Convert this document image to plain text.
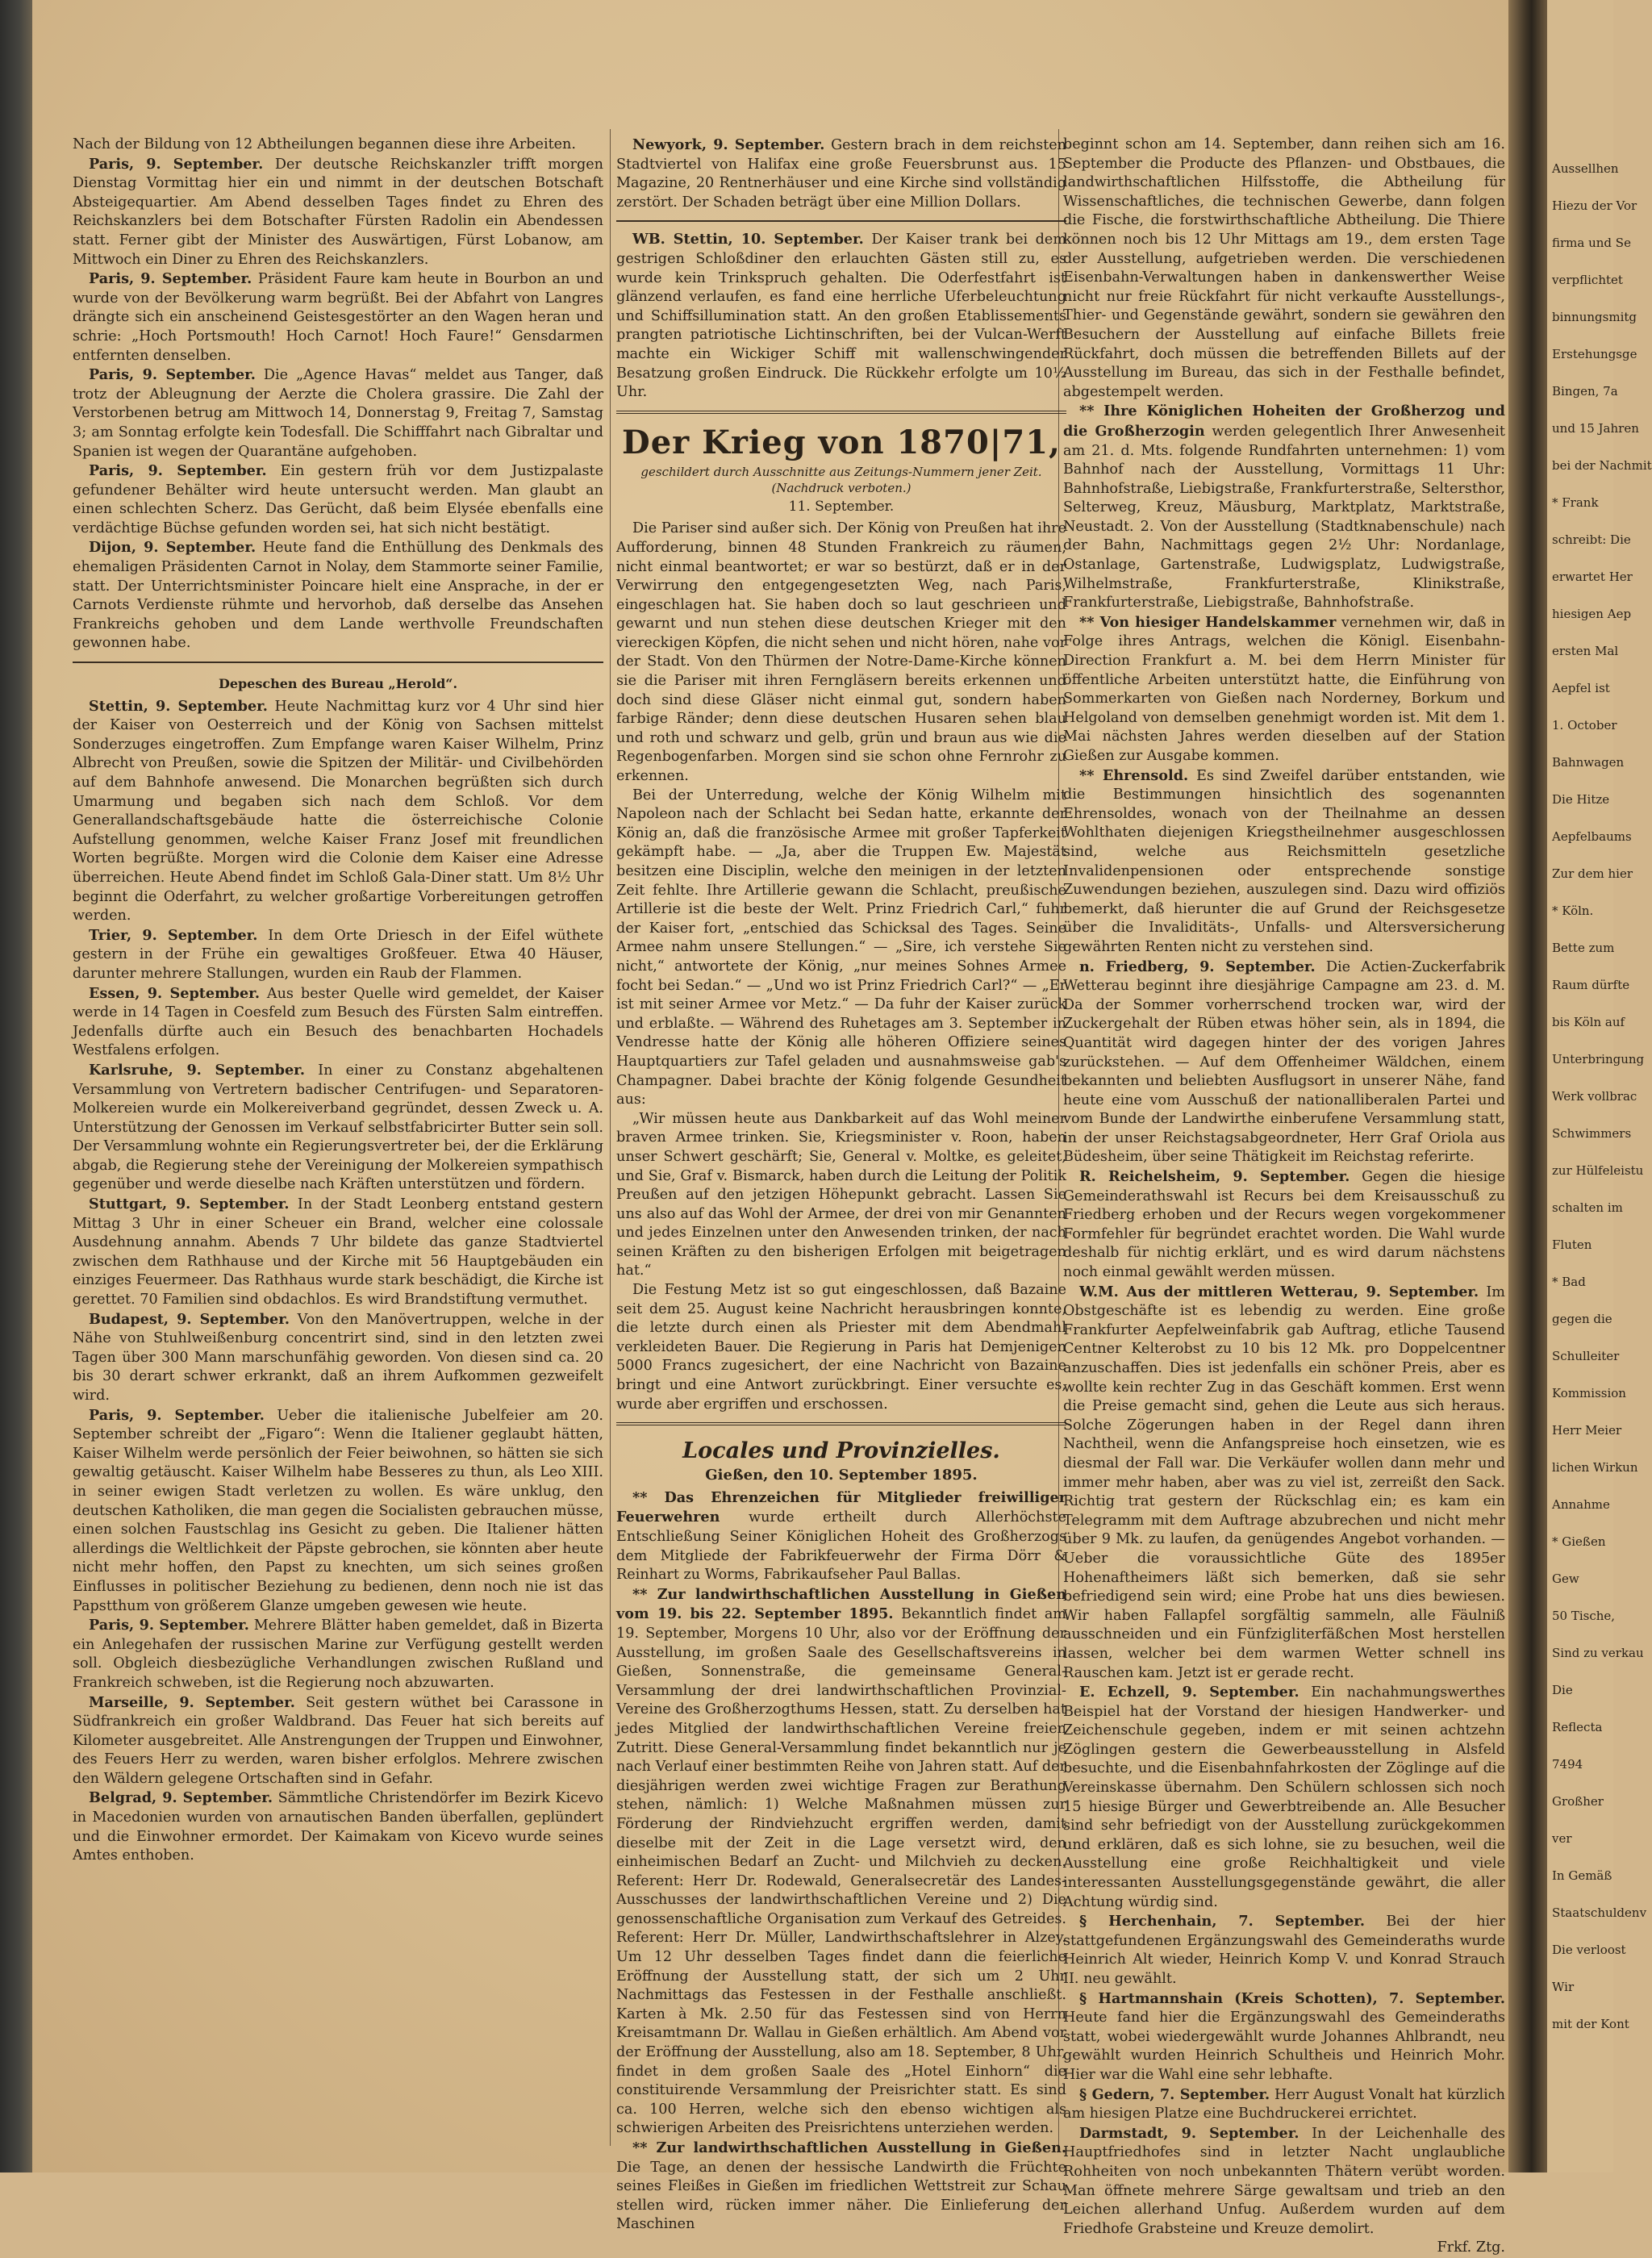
Nach der Bildung von 12 Abtheilungen begannen diese ihre Arbeiten.

Paris, 9. September. Der deutsche Reichskanzler trifft morgen Dienstag Vormittag hier ein und nimmt in der deutschen Botschaft Absteigequartier. Am Abend desselben Tages findet zu Ehren des Reichskanzlers bei dem Botschafter Fürsten Radolin ein Abendessen statt. Ferner gibt der Minister des Auswärtigen, Fürst Lobanow, am Mittwoch ein Diner zu Ehren des Reichskanzlers.

Paris, 9. September. Präsident Faure kam heute in Bourbon an und wurde von der Bevölkerung warm begrüßt. Bei der Abfahrt von Langres drängte sich ein anscheinend Geistesgestörter an den Wagen heran und schrie: „Hoch Portsmouth! Hoch Carnot! Hoch Faure!“ Gensdarmen entfernten denselben.

Paris, 9. September. Die „Agence Havas“ meldet aus Tanger, daß trotz der Ableugnung der Aerzte die Cholera grassire. Die Zahl der Verstorbenen betrug am Mittwoch 14, Donnerstag 9, Freitag 7, Samstag 3; am Sonntag erfolgte kein Todesfall. Die Schifffahrt nach Gibraltar und Spanien ist wegen der Quarantäne aufgehoben.

Paris, 9. September. Ein gestern früh vor dem Justizpalaste gefundener Behälter wird heute untersucht werden. Man glaubt an einen schlechten Scherz. Das Gerücht, daß beim Elysée ebenfalls eine verdächtige Büchse gefunden worden sei, hat sich nicht bestätigt.

Dijon, 9. September. Heute fand die Enthüllung des Denkmals des ehemaligen Präsidenten Carnot in Nolay, dem Stammorte seiner Familie, statt. Der Unterrichtsminister Poincare hielt eine Ansprache, in der er Carnots Verdienste rühmte und hervorhob, daß derselbe das Ansehen Frankreichs gehoben und dem Lande werthvolle Freundschaften gewonnen habe.

Depeschen des Bureau „Herold“.

Stettin, 9. September. Heute Nachmittag kurz vor 4 Uhr sind hier der Kaiser von Oesterreich und der König von Sachsen mittelst Sonderzuges eingetroffen. Zum Empfange waren Kaiser Wilhelm, Prinz Albrecht von Preußen, sowie die Spitzen der Militär- und Civilbehörden auf dem Bahnhofe anwesend. Die Monarchen begrüßten sich durch Umarmung und begaben sich nach dem Schloß. Vor dem Generallandschaftsgebäude hatte die österreichische Colonie Aufstellung genommen, welche Kaiser Franz Josef mit freundlichen Worten begrüßte. Morgen wird die Colonie dem Kaiser eine Adresse überreichen. Heute Abend findet im Schloß Gala-Diner statt. Um 8½ Uhr beginnt die Oderfahrt, zu welcher großartige Vorbereitungen getroffen werden.

Trier, 9. September. In dem Orte Driesch in der Eifel wüthete gestern in der Frühe ein gewaltiges Großfeuer. Etwa 40 Häuser, darunter mehrere Stallungen, wurden ein Raub der Flammen.

Essen, 9. September. Aus bester Quelle wird gemeldet, der Kaiser werde in 14 Tagen in Coesfeld zum Besuch des Fürsten Salm eintreffen. Jedenfalls dürfte auch ein Besuch des benachbarten Hochadels Westfalens erfolgen.

Karlsruhe, 9. September. In einer zu Constanz abgehaltenen Versammlung von Vertretern badischer Centrifugen- und Separatoren-Molkereien wurde ein Molkereiverband gegründet, dessen Zweck u. A. Unterstützung der Genossen im Verkauf selbstfabricirter Butter sein soll. Der Versammlung wohnte ein Regierungsvertreter bei, der die Erklärung abgab, die Regierung stehe der Vereinigung der Molkereien sympathisch gegenüber und werde dieselbe nach Kräften unterstützen und fördern.

Stuttgart, 9. September. In der Stadt Leonberg entstand gestern Mittag 3 Uhr in einer Scheuer ein Brand, welcher eine colossale Ausdehnung annahm. Abends 7 Uhr bildete das ganze Stadtviertel zwischen dem Rathhause und der Kirche mit 56 Hauptgebäuden ein einziges Feuermeer. Das Rathhaus wurde stark beschädigt, die Kirche ist gerettet. 70 Familien sind obdachlos. Es wird Brandstiftung vermuthet.

Budapest, 9. September. Von den Manövertruppen, welche in der Nähe von Stuhlweißenburg concentrirt sind, sind in den letzten zwei Tagen über 300 Mann marschunfähig geworden. Von diesen sind ca. 20 bis 30 derart schwer erkrankt, daß an ihrem Aufkommen gezweifelt wird.

Paris, 9. September. Ueber die italienische Jubelfeier am 20. September schreibt der „Figaro“: Wenn die Italiener geglaubt hätten, Kaiser Wilhelm werde persönlich der Feier beiwohnen, so hätten sie sich gewaltig getäuscht. Kaiser Wilhelm habe Besseres zu thun, als Leo XIII. in seiner ewigen Stadt verletzen zu wollen. Es wäre unklug, den deutschen Katholiken, die man gegen die Socialisten gebrauchen müsse, einen solchen Faustschlag ins Gesicht zu geben. Die Italiener hätten allerdings die Weltlichkeit der Päpste gebrochen, sie könnten aber heute nicht mehr hoffen, den Papst zu knechten, um sich seines großen Einflusses in politischer Beziehung zu bedienen, denn noch nie ist das Papstthum von größerem Glanze umgeben gewesen wie heute.

Paris, 9. September. Mehrere Blätter haben gemeldet, daß in Bizerta ein Anlegehafen der russischen Marine zur Verfügung gestellt werden soll. Obgleich diesbezügliche Verhandlungen zwischen Rußland und Frankreich schweben, ist die Regierung noch abzuwarten.

Marseille, 9. September. Seit gestern wüthet bei Carassone in Südfrankreich ein großer Waldbrand. Das Feuer hat sich bereits auf Kilometer ausgebreitet. Alle Anstrengungen der Truppen und Einwohner, des Feuers Herr zu werden, waren bisher erfolglos. Mehrere zwischen den Wäldern gelegene Ortschaften sind in Gefahr.

Belgrad, 9. September. Sämmtliche Christendörfer im Bezirk Kicevo in Macedonien wurden von arnautischen Banden überfallen, geplündert und die Einwohner ermordet. Der Kaimakam von Kicevo wurde seines Amtes enthoben.

Newyork, 9. September. Gestern brach in dem reichsten Stadtviertel von Halifax eine große Feuersbrunst aus. 15 Magazine, 20 Rentnerhäuser und eine Kirche sind vollständig zerstört. Der Schaden beträgt über eine Million Dollars.

WB. Stettin, 10. September. Der Kaiser trank bei dem gestrigen Schloßdiner den erlauchten Gästen still zu, es wurde kein Trinkspruch gehalten. Die Oderfestfahrt ist glänzend verlaufen, es fand eine herrliche Uferbeleuchtung und Schiffsillumination statt. An den großen Etablissements prangten patriotische Lichtinschriften, bei der Vulcan-Werft machte ein Wickiger Schiff mit wallenschwingender Besatzung großen Eindruck. Die Rückkehr erfolgte um 10½ Uhr.

Der Krieg von 1870|71,
geschildert durch Ausschnitte aus Zeitungs-Nummern jener Zeit. (Nachdruck verboten.)
11. September.

Die Pariser sind außer sich. Der König von Preußen hat ihre Aufforderung, binnen 48 Stunden Frankreich zu räumen, nicht einmal beantwortet; er war so bestürzt, daß er in der Verwirrung den entgegengesetzten Weg, nach Paris, eingeschlagen hat. Sie haben doch so laut geschrieen und gewarnt und nun stehen diese deutschen Krieger mit den viereckigen Köpfen, die nicht sehen und nicht hören, nahe vor der Stadt. Von den Thürmen der Notre-Dame-Kirche können sie die Pariser mit ihren Ferngläsern bereits erkennen und doch sind diese Gläser nicht einmal gut, sondern haben farbige Ränder; denn diese deutschen Husaren sehen blau und roth und schwarz und gelb, grün und braun aus wie die Regenbogenfarben. Morgen sind sie schon ohne Fernrohr zu erkennen.

Bei der Unterredung, welche der König Wilhelm mit Napoleon nach der Schlacht bei Sedan hatte, erkannte der König an, daß die französische Armee mit großer Tapferkeit gekämpft habe. — „Ja, aber die Truppen Ew. Majestät besitzen eine Disciplin, welche den meinigen in der letzten Zeit fehlte. Ihre Artillerie gewann die Schlacht, preußische Artillerie ist die beste der Welt. Prinz Friedrich Carl,“ fuhr der Kaiser fort, „entschied das Schicksal des Tages. Seine Armee nahm unsere Stellungen.“ — „Sire, ich verstehe Sie nicht,“ antwortete der König, „nur meines Sohnes Armee focht bei Sedan.“ — „Und wo ist Prinz Friedrich Carl?“ — „Er ist mit seiner Armee vor Metz.“ — Da fuhr der Kaiser zurück und erblaßte. — Während des Ruhetages am 3. September in Vendresse hatte der König alle höheren Offiziere seines Hauptquartiers zur Tafel geladen und ausnahmsweise gab's Champagner. Dabei brachte der König folgende Gesundheit aus:

„Wir müssen heute aus Dankbarkeit auf das Wohl meiner braven Armee trinken. Sie, Kriegsminister v. Roon, haben unser Schwert geschärft; Sie, General v. Moltke, es geleitet, und Sie, Graf v. Bismarck, haben durch die Leitung der Politik Preußen auf den jetzigen Höhepunkt gebracht. Lassen Sie uns also auf das Wohl der Armee, der drei von mir Genannten und jedes Einzelnen unter den Anwesenden trinken, der nach seinen Kräften zu den bisherigen Erfolgen mit beigetragen hat.“

Die Festung Metz ist so gut eingeschlossen, daß Bazaine seit dem 25. August keine Nachricht herausbringen konnte, die letzte durch einen als Priester mit dem Abendmahl verkleideten Bauer. Die Regierung in Paris hat Demjenigen 5000 Francs zugesichert, der eine Nachricht von Bazaine bringt und eine Antwort zurückbringt. Einer versuchte es, wurde aber ergriffen und erschossen.

Locales und Provinzielles.
Gießen, den 10. September 1895.

** Das Ehrenzeichen für Mitglieder freiwilliger Feuerwehren wurde ertheilt durch Allerhöchste Entschließung Seiner Königlichen Hoheit des Großherzogs dem Mitgliede der Fabrikfeuerwehr der Firma Dörr & Reinhart zu Worms, Fabrikaufseher Paul Ballas.

** Zur landwirthschaftlichen Ausstellung in Gießen vom 19. bis 22. September 1895. Bekanntlich findet am 19. September, Morgens 10 Uhr, also vor der Eröffnung der Ausstellung, im großen Saale des Gesellschaftsvereins in Gießen, Sonnenstraße, die gemeinsame General-Versammlung der drei landwirthschaftlichen Provinzial-Vereine des Großherzogthums Hessen, statt. Zu derselben hat jedes Mitglied der landwirthschaftlichen Vereine freien Zutritt. Diese General-Versammlung findet bekanntlich nur je nach Verlauf einer bestimmten Reihe von Jahren statt. Auf der diesjährigen werden zwei wichtige Fragen zur Berathung stehen, nämlich: 1) Welche Maßnahmen müssen zur Förderung der Rindviehzucht ergriffen werden, damit dieselbe mit der Zeit in die Lage versetzt wird, den einheimischen Bedarf an Zucht- und Milchvieh zu decken. Referent: Herr Dr. Rodewald, Generalsecretär des Landes-Ausschusses der landwirthschaftlichen Vereine und 2) Die genossenschaftliche Organisation zum Verkauf des Getreides. Referent: Herr Dr. Müller, Landwirthschaftslehrer in Alzey. Um 12 Uhr desselben Tages findet dann die feierliche Eröffnung der Ausstellung statt, der sich um 2 Uhr Nachmittags das Festessen in der Festhalle anschließt. Karten à Mk. 2.50 für das Festessen sind von Herrn Kreisamtmann Dr. Wallau in Gießen erhältlich. Am Abend vor der Eröffnung der Ausstellung, also am 18. September, 8 Uhr, findet in dem großen Saale des „Hotel Einhorn“ die constituirende Versammlung der Preisrichter statt. Es sind ca. 100 Herren, welche sich den ebenso wichtigen als schwierigen Arbeiten des Preisrichtens unterziehen werden.

** Zur landwirthschaftlichen Ausstellung in Gießen. Die Tage, an denen der hessische Landwirth die Früchte seines Fleißes in Gießen im friedlichen Wettstreit zur Schau stellen wird, rücken immer näher. Die Einlieferung der Maschinen

beginnt schon am 14. September, dann reihen sich am 16. September die Producte des Pflanzen- und Obstbaues, die landwirthschaftlichen Hilfsstoffe, die Abtheilung für Wissenschaftliches, die technischen Gewerbe, dann folgen die Fische, die forstwirthschaftliche Abtheilung. Die Thiere können noch bis 12 Uhr Mittags am 19., dem ersten Tage der Ausstellung, aufgetrieben werden. Die verschiedenen Eisenbahn-Verwaltungen haben in dankenswerther Weise nicht nur freie Rückfahrt für nicht verkaufte Ausstellungs-, Thier- und Gegenstände gewährt, sondern sie gewähren den Besuchern der Ausstellung auf einfache Billets freie Rückfahrt, doch müssen die betreffenden Billets auf der Ausstellung im Bureau, das sich in der Festhalle befindet, abgestempelt werden.

** Ihre Königlichen Hoheiten der Großherzog und die Großherzogin werden gelegentlich Ihrer Anwesenheit am 21. d. Mts. folgende Rundfahrten unternehmen: 1) vom Bahnhof nach der Ausstellung, Vormittags 11 Uhr: Bahnhofstraße, Liebigstraße, Frankfurterstraße, Seltersthor, Selterweg, Kreuz, Mäusburg, Marktplatz, Marktstraße, Neustadt. 2. Von der Ausstellung (Stadtknabenschule) nach der Bahn, Nachmittags gegen 2½ Uhr: Nordanlage, Ostanlage, Gartenstraße, Ludwigsplatz, Ludwigstraße, Wilhelmstraße, Frankfurterstraße, Klinikstraße, Frankfurterstraße, Liebigstraße, Bahnhofstraße.

** Von hiesiger Handelskammer vernehmen wir, daß in Folge ihres Antrags, welchen die Königl. Eisenbahn-Direction Frankfurt a. M. bei dem Herrn Minister für öffentliche Arbeiten unterstützt hatte, die Einführung von Sommerkarten von Gießen nach Norderney, Borkum und Helgoland von demselben genehmigt worden ist. Mit dem 1. Mai nächsten Jahres werden dieselben auf der Station Gießen zur Ausgabe kommen.

** Ehrensold. Es sind Zweifel darüber entstanden, wie die Bestimmungen hinsichtlich des sogenannten Ehrensoldes, wonach von der Theilnahme an dessen Wohlthaten diejenigen Kriegstheilnehmer ausgeschlossen sind, welche aus Reichsmitteln gesetzliche Invalidenpensionen oder entsprechende sonstige Zuwendungen beziehen, auszulegen sind. Dazu wird offiziös bemerkt, daß hierunter die auf Grund der Reichsgesetze über die Invaliditäts-, Unfalls- und Altersversicherung gewährten Renten nicht zu verstehen sind.

n. Friedberg, 9. September. Die Actien-Zuckerfabrik Wetterau beginnt ihre diesjährige Campagne am 23. d. M. Da der Sommer vorherrschend trocken war, wird der Zuckergehalt der Rüben etwas höher sein, als in 1894, die Quantität wird dagegen hinter der des vorigen Jahres zurückstehen. — Auf dem Offenheimer Wäldchen, einem bekannten und beliebten Ausflugsort in unserer Nähe, fand heute eine vom Ausschuß der nationalliberalen Partei und vom Bunde der Landwirthe einberufene Versammlung statt, in der unser Reichstagsabgeordneter, Herr Graf Oriola aus Büdesheim, über seine Thätigkeit im Reichstag referirte.

R. Reichelsheim, 9. September. Gegen die hiesige Gemeinderathswahl ist Recurs bei dem Kreisausschuß zu Friedberg erhoben und der Recurs wegen vorgekommener Formfehler für begründet erachtet worden. Die Wahl wurde deshalb für nichtig erklärt, und es wird darum nächstens noch einmal gewählt werden müssen.

W.M. Aus der mittleren Wetterau, 9. September. Im Obstgeschäfte ist es lebendig zu werden. Eine große Frankfurter Aepfelweinfabrik gab Auftrag, etliche Tausend Centner Kelterobst zu 10 bis 12 Mk. pro Doppelcentner anzuschaffen. Dies ist jedenfalls ein schöner Preis, aber es wollte kein rechter Zug in das Geschäft kommen. Erst wenn die Preise gemacht sind, gehen die Leute aus sich heraus. Solche Zögerungen haben in der Regel dann ihren Nachtheil, wenn die Anfangspreise hoch einsetzen, wie es diesmal der Fall war. Die Verkäufer wollen dann mehr und immer mehr haben, aber was zu viel ist, zerreißt den Sack. Richtig trat gestern der Rückschlag ein; es kam ein Telegramm mit dem Auftrage abzubrechen und nicht mehr über 9 Mk. zu laufen, da genügendes Angebot vorhanden. — Ueber die voraussichtliche Güte des 1895er Hohenaftheimers läßt sich bemerken, daß sie sehr befriedigend sein wird; eine Probe hat uns dies bewiesen. Wir haben Fallapfel sorgfältig sammeln, alle Fäulniß ausschneiden und ein Fünfzigliterfäßchen Most herstellen lassen, welcher bei dem warmen Wetter schnell ins Rauschen kam. Jetzt ist er gerade recht.

E. Echzell, 9. September. Ein nachahmungswerthes Beispiel hat der Vorstand der hiesigen Handwerker- und Zeichenschule gegeben, indem er mit seinen achtzehn Zöglingen gestern die Gewerbeausstellung in Alsfeld besuchte, und die Eisenbahnfahrkosten der Zöglinge auf die Vereinskasse übernahm. Den Schülern schlossen sich noch 15 hiesige Bürger und Gewerbtreibende an. Alle Besucher sind sehr befriedigt von der Ausstellung zurückgekommen und erklären, daß es sich lohne, sie zu besuchen, weil die Ausstellung eine große Reichhaltigkeit und viele interessanten Ausstellungsgegenstände gewährt, die aller Achtung würdig sind.

§ Herchenhain, 7. September. Bei der hier stattgefundenen Ergänzungswahl des Gemeinderaths wurde Heinrich Alt wieder, Heinrich Komp V. und Konrad Strauch II. neu gewählt.

§ Hartmannshain (Kreis Schotten), 7. September. Heute fand hier die Ergänzungswahl des Gemeinderaths statt, wobei wiedergewählt wurde Johannes Ahlbrandt, neu gewählt wurden Heinrich Schultheis und Heinrich Mohr. Hier war die Wahl eine sehr lebhafte.

§ Gedern, 7. September. Herr August Vonalt hat kürzlich am hiesigen Platze eine Buchdruckerei errichtet.

Darmstadt, 9. September. In der Leichenhalle des Hauptfriedhofes sind in letzter Nacht unglaubliche Rohheiten von noch unbekannten Thätern verübt worden. Man öffnete mehrere Särge gewaltsam und trieb an den Leichen allerhand Unfug. Außerdem wurden auf dem Friedhofe Grabsteine und Kreuze demolirt.

Frkf. Ztg.

Aussellhen
Hiezu der Vor
firma und Se
verpflichtet
binnungsmitg
Erstehungsge
Bingen, 7a
und 15 Jahren
bei der Nachmit
* Frank
schreibt: Die
erwartet Her
hiesigen Aep
ersten Mal
Aepfel ist
1. October
Bahnwagen
Die Hitze
Aepfelbaums
Zur dem hier
* Köln.
Bette zum
Raum dürfte
bis Köln auf
Unterbringung
Werk vollbrac
Schwimmers
zur Hülfeleistu
schalten im
Fluten
* Bad
gegen die
Schulleiter
Kommission
Herr Meier
lichen Wirkun
Annahme
* Gießen
Gew
50 Tische,
Sind zu verkau
Die
Reflecta
7494
Großher
ver
In Gemäß
Staatschuldenv
Die verloost
Wir
mit der Kont
